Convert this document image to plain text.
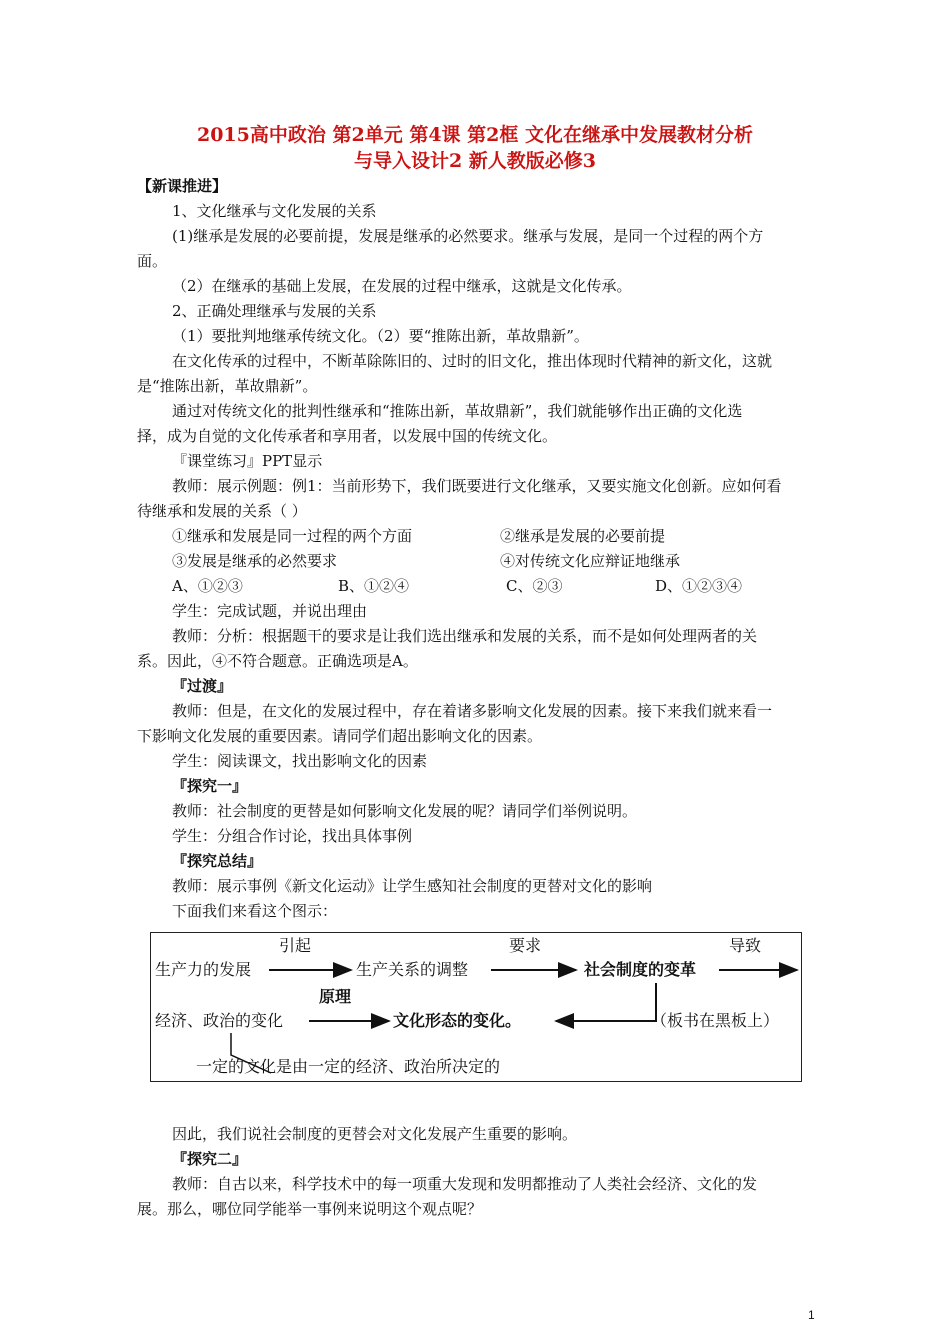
2015高中政治 第2单元 第4课 第2框 文化在继承中发展教材分析
与导入设计2 新人教版必修3
【新课推进】
1、文化继承与文化发展的关系
(1)继承是发展的必要前提，发展是继承的必然要求。继承与发展，是同一个过程的两个方
面。
（2）在继承的基础上发展，在发展的过程中继承，这就是文化传承。
2、正确处理继承与发展的关系
（1）要批判地继承传统文化。（2）要“推陈出新，革故鼎新”。
在文化传承的过程中，不断革除陈旧的、过时的旧文化，推出体现时代精神的新文化，这就
是“推陈出新，革故鼎新”。
通过对传统文化的批判性继承和“推陈出新，革故鼎新”，我们就能够作出正确的文化选
择，成为自觉的文化传承者和享用者，以发展中国的传统文化。
『课堂练习』PPT显示
教师：展示例题：例1：当前形势下，我们既要进行文化继承，又要实施文化创新。应如何看
待继承和发展的关系（ ）
①继承和发展是同一过程的两个方面	②继承是发展的必要前提
③发展是继承的必然要求	④对传统文化应辩证地继承
A、①②③	B、①②④	C、②③	D、①②③④
学生：完成试题，并说出理由
教师：分析：根据题干的要求是让我们选出继承和发展的关系，而不是如何处理两者的关
系。因此，④不符合题意。正确选项是A。
『过渡』
教师：但是，在文化的发展过程中，存在着诸多影响文化发展的因素。接下来我们就来看一
下影响文化发展的重要因素。请同学们超出影响文化的因素。
学生：阅读课文，找出影响文化的因素
『探究一』
教师：社会制度的更替是如何影响文化发展的呢？请同学们举例说明。
学生：分组合作讨论，找出具体事例
『探究总结』
教师：展示事例《新文化运动》让学生感知社会制度的更替对文化的影响
下面我们来看这个图示：
引起	要求	导致
生产力的发展	生产关系的调整	社会制度的变革
原理
经济、政治的变化	文化形态的变化。	（板书在黑板上）
一定的文化是由一定的经济、政治所决定的
因此，我们说社会制度的更替会对文化发展产生重要的影响。
『探究二』
教师：自古以来，科学技术中的每一项重大发现和发明都推动了人类社会经济、文化的发
展。那么，哪位同学能举一事例来说明这个观点呢？
1
